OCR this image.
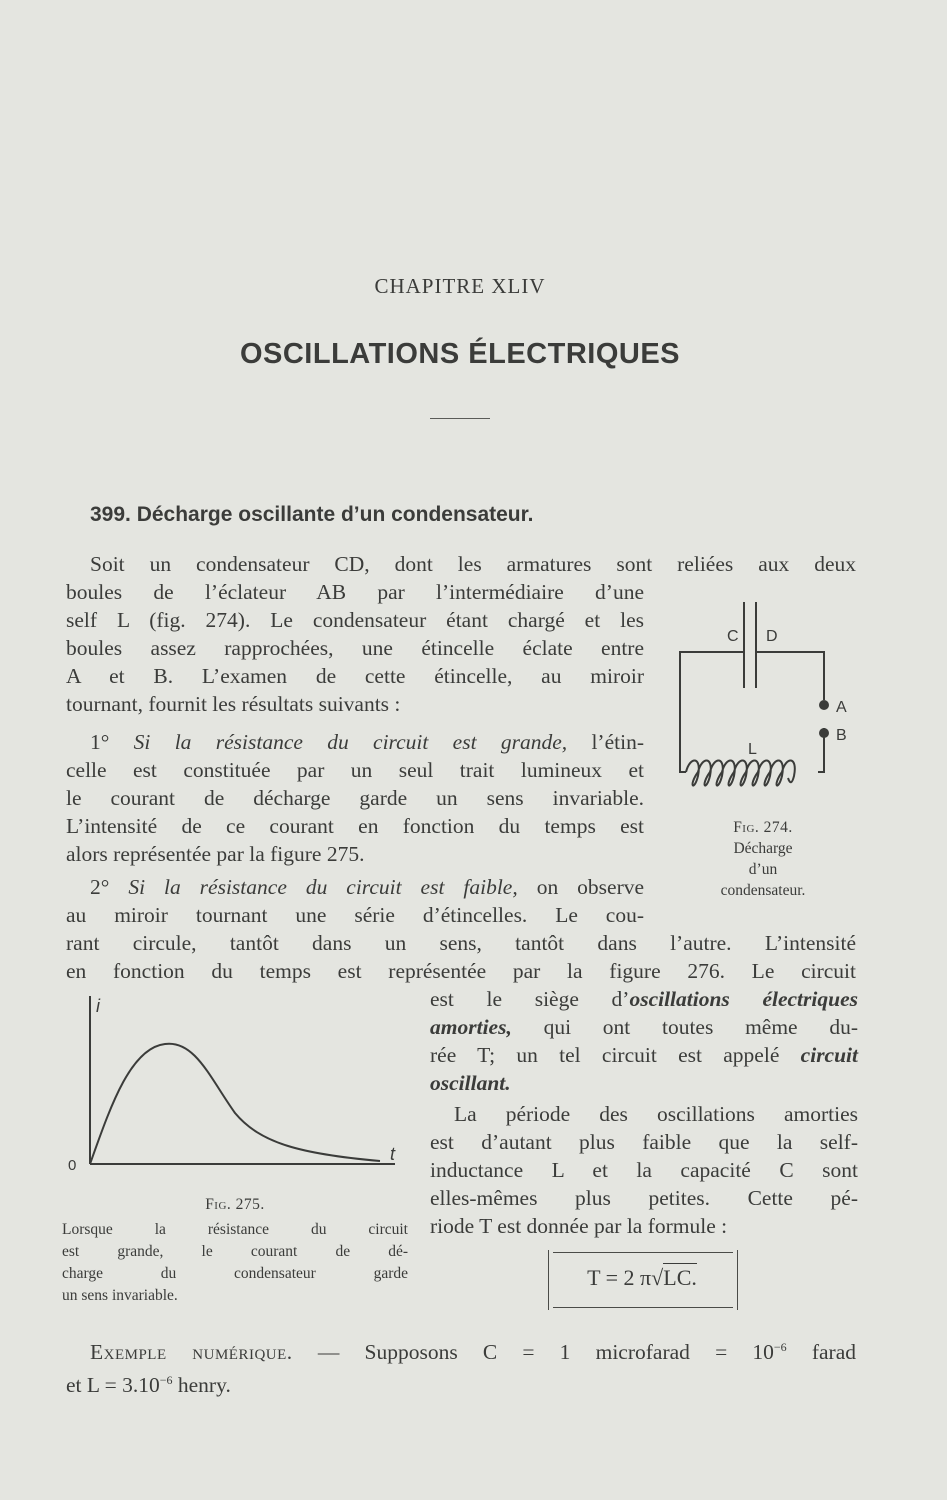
CHAPITRE XLIV
OSCILLATIONS ÉLECTRIQUES
399. Décharge oscillante d’un condensateur.
Soit un condensateur CD, dont les armatures sont reliées aux deux
boules de l’éclateur AB par l’intermédiaire d’une
self L (fig. 274). Le condensateur étant chargé et les
boules assez rapprochées, une étincelle éclate entre
A et B. L’examen de cette étincelle, au miroir
tournant, fournit les résultats suivants :
1° Si la résistance du circuit est grande, l’étin-
celle est constituée par un seul trait lumineux et
le courant de décharge garde un sens invariable.
L’intensité de ce courant en fonction du temps est
alors représentée par la figure 275.
2° Si la résistance du circuit est faible, on observe
au miroir tournant une série d’étincelles. Le cou-
rant circule, tantôt dans un sens, tantôt dans l’autre. L’intensité
en fonction du temps est représentée par la figure 276. Le circuit
est le siège d’oscillations électriques
amorties, qui ont toutes même du-
rée T; un tel circuit est appelé circuit
oscillant.
La période des oscillations amorties
est d’autant plus faible que la self-
inductance L et la capacité C sont
elles-mêmes plus petites. Cette pé-
riode T est donnée par la formule :
T = 2 π√LC.
C D
A
B
L
Fig. 274.
Décharge
d’un
condensateur.
i
t
0
Fig. 275.
Lorsque la résistance du circuit
est grande, le courant de dé-
charge du condensateur garde
un sens invariable.
Exemple numérique. — Supposons C = 1 microfarad = $10^{-6}$ farad
et $L = 3.10^{-6}$ henry.
